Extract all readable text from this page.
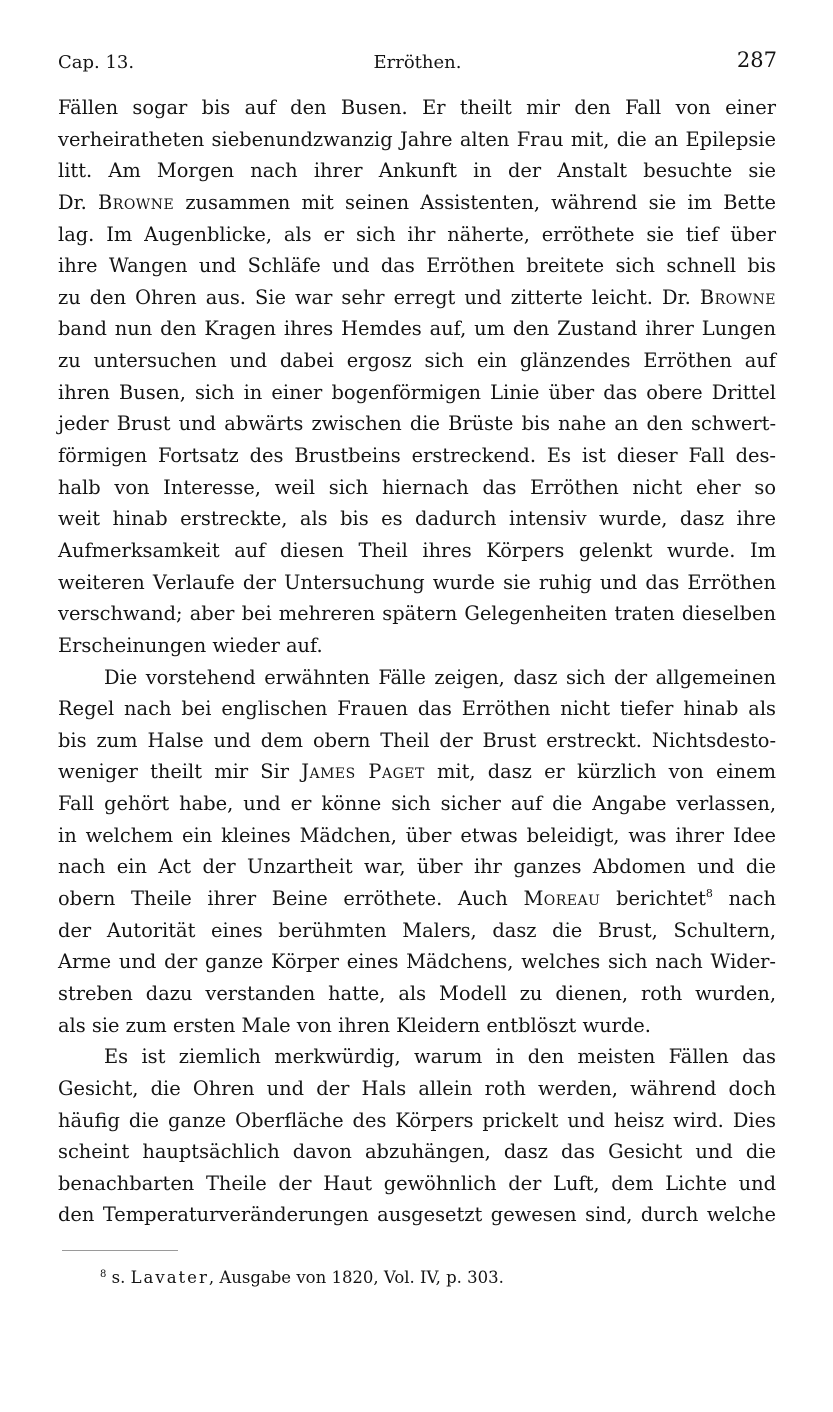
Cap. 13.	Erröthen.	287
Fällen sogar bis auf den Busen. Er theilt mir den Fall von einer
verheiratheten siebenundzwanzig Jahre alten Frau mit, die an Epilepsie
litt. Am Morgen nach ihrer Ankunft in der Anstalt besuchte sie
Dr. Browne zusammen mit seinen Assistenten, während sie im Bette
lag. Im Augenblicke, als er sich ihr näherte, erröthete sie tief über
ihre Wangen und Schläfe und das Erröthen breitete sich schnell bis
zu den Ohren aus. Sie war sehr erregt und zitterte leicht. Dr. Browne
band nun den Kragen ihres Hemdes auf, um den Zustand ihrer Lungen
zu untersuchen und dabei ergosz sich ein glänzendes Erröthen auf
ihren Busen, sich in einer bogenförmigen Linie über das obere Drittel
jeder Brust und abwärts zwischen die Brüste bis nahe an den schwert-
förmigen Fortsatz des Brustbeins erstreckend. Es ist dieser Fall des-
halb von Interesse, weil sich hiernach das Erröthen nicht eher so
weit hinab erstreckte, als bis es dadurch intensiv wurde, dasz ihre
Aufmerksamkeit auf diesen Theil ihres Körpers gelenkt wurde. Im
weiteren Verlaufe der Untersuchung wurde sie ruhig und das Erröthen
verschwand; aber bei mehreren spätern Gelegenheiten traten dieselben
Erscheinungen wieder auf.
Die vorstehend erwähnten Fälle zeigen, dasz sich der allgemeinen
Regel nach bei englischen Frauen das Erröthen nicht tiefer hinab als
bis zum Halse und dem obern Theil der Brust erstreckt. Nichtsdesto-
weniger theilt mir Sir James Paget mit, dasz er kürzlich von einem
Fall gehört habe, und er könne sich sicher auf die Angabe verlassen,
in welchem ein kleines Mädchen, über etwas beleidigt, was ihrer Idee
nach ein Act der Unzartheit war, über ihr ganzes Abdomen und die
obern Theile ihrer Beine erröthete. Auch Moreau berichtet$^8$ nach
der Autorität eines berühmten Malers, dasz die Brust, Schultern,
Arme und der ganze Körper eines Mädchens, welches sich nach Wider-
streben dazu verstanden hatte, als Modell zu dienen, roth wurden,
als sie zum ersten Male von ihren Kleidern entblöszt wurde.
Es ist ziemlich merkwürdig, warum in den meisten Fällen das
Gesicht, die Ohren und der Hals allein roth werden, während doch
häufig die ganze Oberfläche des Körpers prickelt und heisz wird. Dies
scheint hauptsächlich davon abzuhängen, dasz das Gesicht und die
benachbarten Theile der Haut gewöhnlich der Luft, dem Lichte und
den Temperaturveränderungen ausgesetzt gewesen sind, durch welche
$^8$ s. Lavater, Ausgabe von 1820, Vol. IV, p. 303.
